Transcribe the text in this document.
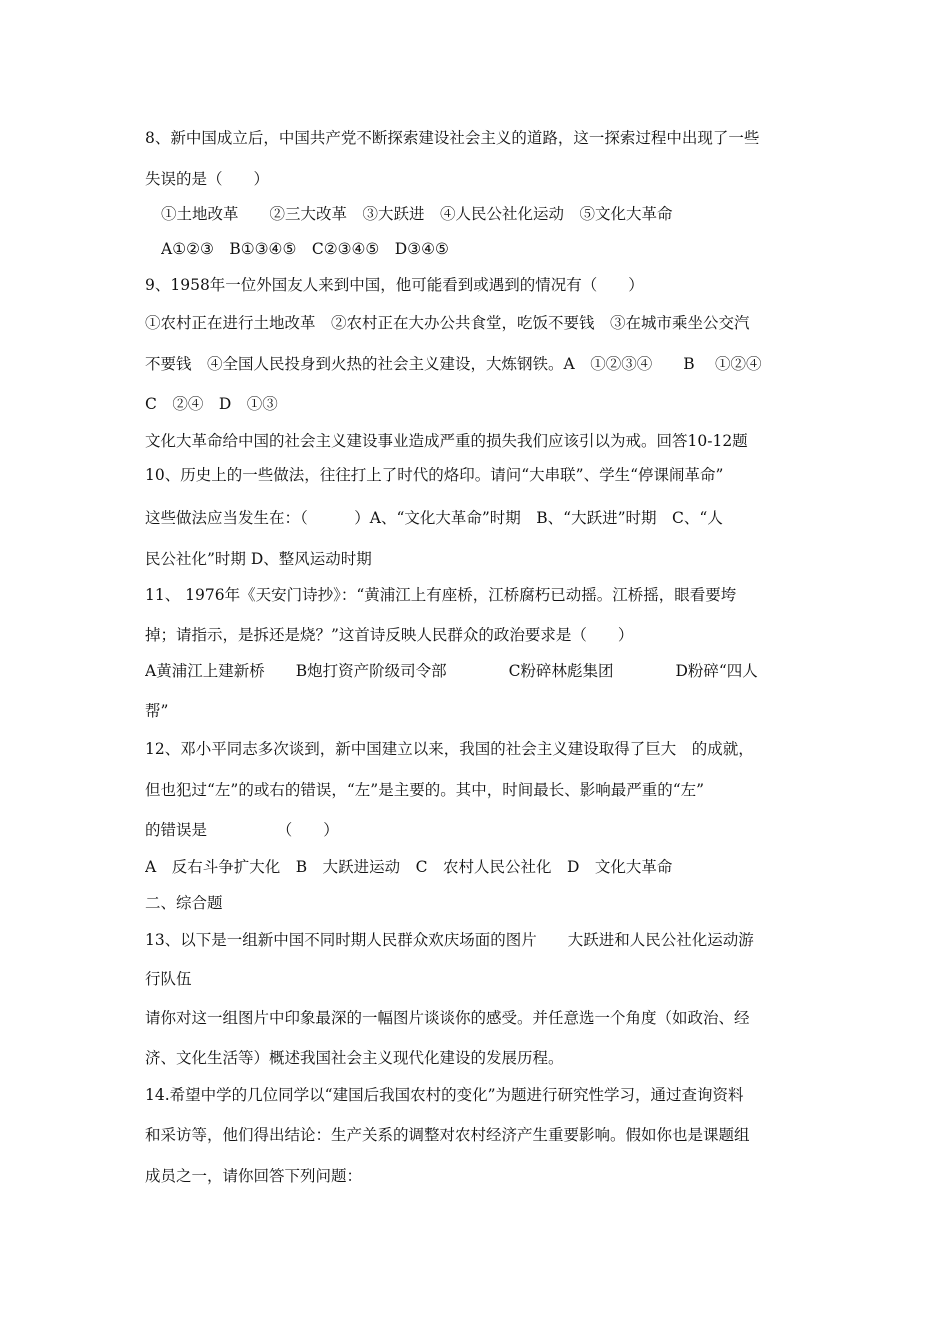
8、新中国成立后，中国共产党不断探索建设社会主义的道路，这一探索过程中出现了一些
失误的是（　　）
①土地改革　　②三大改革　③大跃进　④人民公社化运动　⑤文化大革命
A①②③　B①③④⑤　C②③④⑤　D③④⑤
9、1958年一位外国友人来到中国，他可能看到或遇到的情况有（　　）
①农村正在进行土地改革　②农村正在大办公共食堂，吃饭不要钱　③在城市乘坐公交汽
不要钱　④全国人民投身到火热的社会主义建设，大炼钢铁。A　①②③④　　B　 ①②④
C　②④　D　①③
文化大革命给中国的社会主义建设事业造成严重的损失我们应该引以为戒。回答10-12题
10、历史上的一些做法，往往打上了时代的烙印。请问“大串联”、学生“停课闹革命”
这些做法应当发生在：（　　　）A、“文化大革命”时期　B、“大跃进”时期　C、“人
民公社化”时期 D、整风运动时期
11、 1976年《天安门诗抄》：“黄浦江上有座桥，江桥腐朽已动摇。江桥摇，眼看要垮
掉；请指示，是拆还是烧？”这首诗反映人民群众的政治要求是（　　）
A黄浦江上建新桥　　B炮打资产阶级司令部　　　　C粉碎林彪集团　　　　D粉碎“四人
帮”
12、邓小平同志多次谈到，新中国建立以来，我国的社会主义建设取得了巨大　的成就，
但也犯过“左”的或右的错误，“左”是主要的。其中，时间最长、影响最严重的“左”
的错误是　　　　　（　　）
A　反右斗争扩大化　B　大跃进运动　C　农村人民公社化　D　文化大革命
二、综合题
13、以下是一组新中国不同时期人民群众欢庆场面的图片　　大跃进和人民公社化运动游
行队伍
请你对这一组图片中印象最深的一幅图片谈谈你的感受。并任意选一个角度（如政治、经
济、文化生活等）概述我国社会主义现代化建设的发展历程。
14.希望中学的几位同学以“建国后我国农村的变化”为题进行研究性学习，通过查询资料
和采访等，他们得出结论：生产关系的调整对农村经济产生重要影响。假如你也是课题组
成员之一，请你回答下列问题：
